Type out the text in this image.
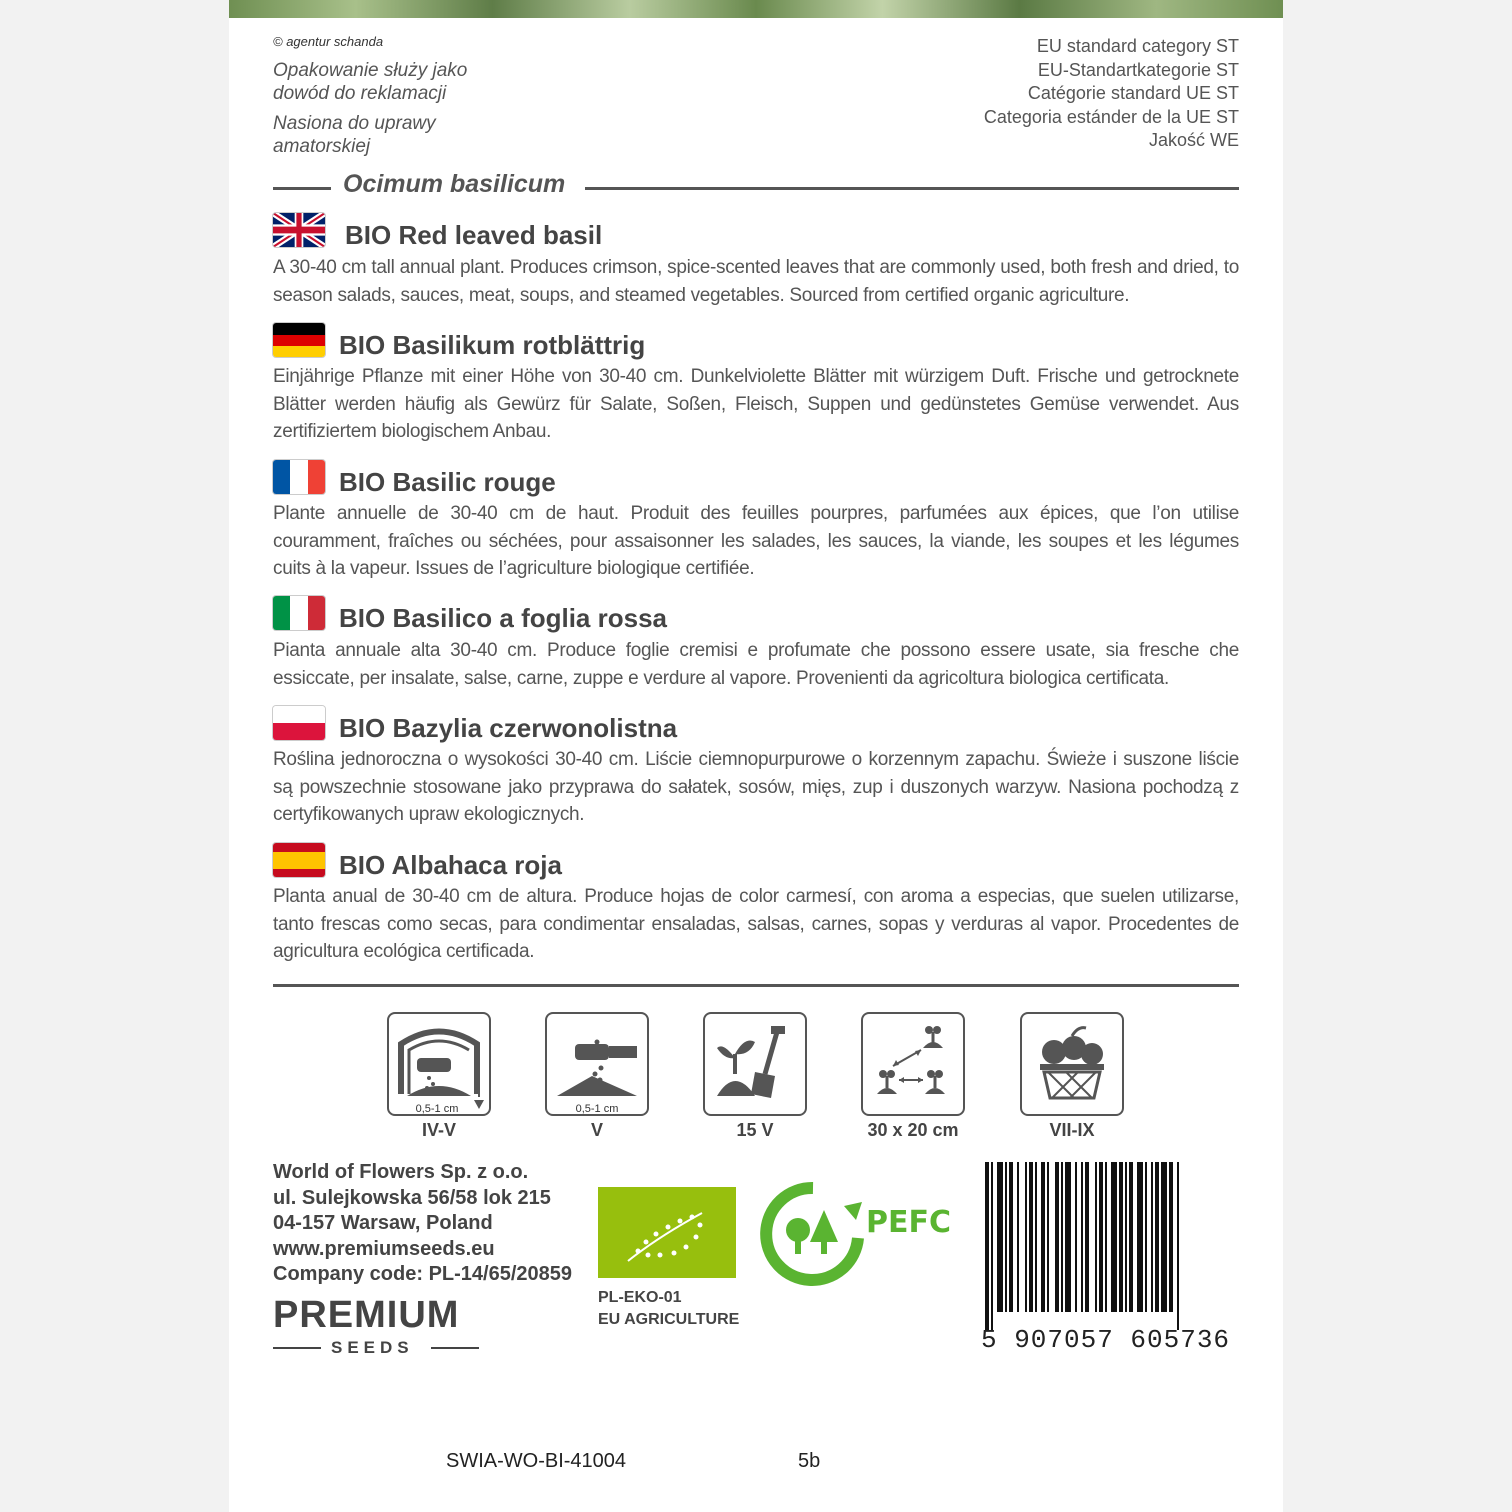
© agentur schanda
Opakowanie służy jako
dowód do reklamacji
Nasiona do uprawy
amatorskiej
EU standard category ST
EU-Standartkategorie ST
Catégorie standard UE ST
Categoria estánder de la UE ST
Jakość WE
Ocimum basilicum
BIO Red leaved basil
A 30-40 cm tall annual plant. Produces crimson, spice-scented leaves that are commonly used, both fresh and dried, to season salads, sauces, meat, soups, and steamed vegetables. Sourced from certified organic agriculture.
BIO Basilikum rotblättrig
Einjährige Pflanze mit einer Höhe von 30-40 cm. Dunkelviolette Blätter mit würzigem Duft. Frische und getrocknete Blätter werden häufig als Gewürz für Salate, Soßen, Fleisch, Suppen und gedünstetes Gemüse verwendet. Aus zertifiziertem biologischem Anbau.
BIO Basilic rouge
Plante annuelle de 30-40 cm de haut. Produit des feuilles pourpres, parfumées aux épices, que l’on utilise couramment, fraîches ou séchées, pour assaisonner les salades, les sauces, la viande, les soupes et les légumes cuits à la vapeur. Issues de l’agriculture biologique certifiée.
BIO Basilico a foglia rossa
Pianta annuale alta 30-40 cm. Produce foglie cremisi e profumate che possono essere usate, sia fresche che essiccate, per insalate, salse, carne, zuppe e verdure al vapore. Provenienti da agricoltura biologica certificata.
BIO Bazylia czerwonolistna
Roślina jednoroczna o wysokości 30-40 cm. Liście ciemnopurpurowe o korzennym zapachu. Świeże i suszone liście są powszechnie stosowane jako przyprawa do sałatek, sosów, mięs, zup i duszonych warzyw. Nasiona pochodzą z certyfikowanych upraw ekologicznych.
BIO Albahaca roja
Planta anual de 30-40 cm de altura. Produce hojas de color carmesí, con aroma a especias, que suelen utilizarse, tanto frescas como secas, para condimentar ensaladas, salsas, carnes, sopas y verduras al vapor. Procedentes de agricultura ecológica certificada.
0,5-1 cm
IV-V
0,5-1 cm
V	15 V	30 x 20 cm	VII-IX
World of Flowers Sp. z o.o.
ul. Sulejkowska 56/58 lok 215
04-157 Warsaw, Poland
www.premiumseeds.eu
Company code: PL-14/65/20859
PREMIUM
SEEDS
PL-EKO-01
EU AGRICULTURE
PEFC
5 907057 605736
SWIA-WO-BI-41004	5b
